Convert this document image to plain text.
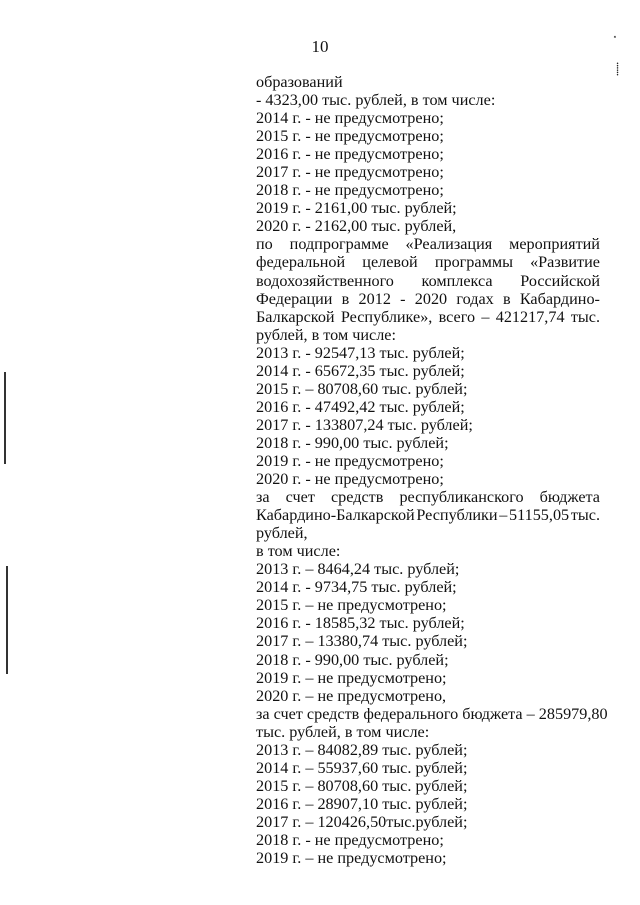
10
⸼
⸽
образований
- 4323,00 тыс. рублей, в том числе:
2014 г. - не предусмотрено;
2015 г. - не предусмотрено;
2016 г. - не предусмотрено;
2017 г. - не предусмотрено;
2018 г. - не предусмотрено;
2019 г. - 2161,00 тыс. рублей;
2020 г. - 2162,00 тыс. рублей,
по подпрограмме «Реализация мероприятий
федеральной целевой программы «Развитие
водохозяйственного комплекса Российской
Федерации в 2012 - 2020 годах в Кабардино-
Балкарской Республике», всего – 421217,74 тыс.
рублей, в том числе:
2013 г. - 92547,13 тыс. рублей;
2014 г. - 65672,35 тыс. рублей;
2015 г. – 80708,60 тыс. рублей;
2016 г. - 47492,42 тыс. рублей;
2017 г. - 133807,24 тыс. рублей;
2018 г. - 990,00 тыс. рублей;
2019 г. - не предусмотрено;
2020 г. - не предусмотрено;
за счет средств республиканского бюджета
Кабардино-Балкарской Республики – 51155,05 тыс.
рублей,
в том числе:
2013 г. – 8464,24 тыс. рублей;
2014 г. - 9734,75 тыс. рублей;
2015 г. – не предусмотрено;
2016 г. - 18585,32 тыс. рублей;
2017 г. – 13380,74 тыс. рублей;
2018 г. - 990,00 тыс. рублей;
2019 г. – не предусмотрено;
2020 г. – не предусмотрено,
за счет средств федерального бюджета – 285979,80
тыс. рублей, в том числе:
2013 г. – 84082,89 тыс. рублей;
2014 г. – 55937,60 тыс. рублей;
2015 г. – 80708,60 тыс. рублей;
2016 г. – 28907,10 тыс. рублей;
2017 г. – 120426,50тыс.рублей;
2018 г. - не предусмотрено;
2019 г. – не предусмотрено;
